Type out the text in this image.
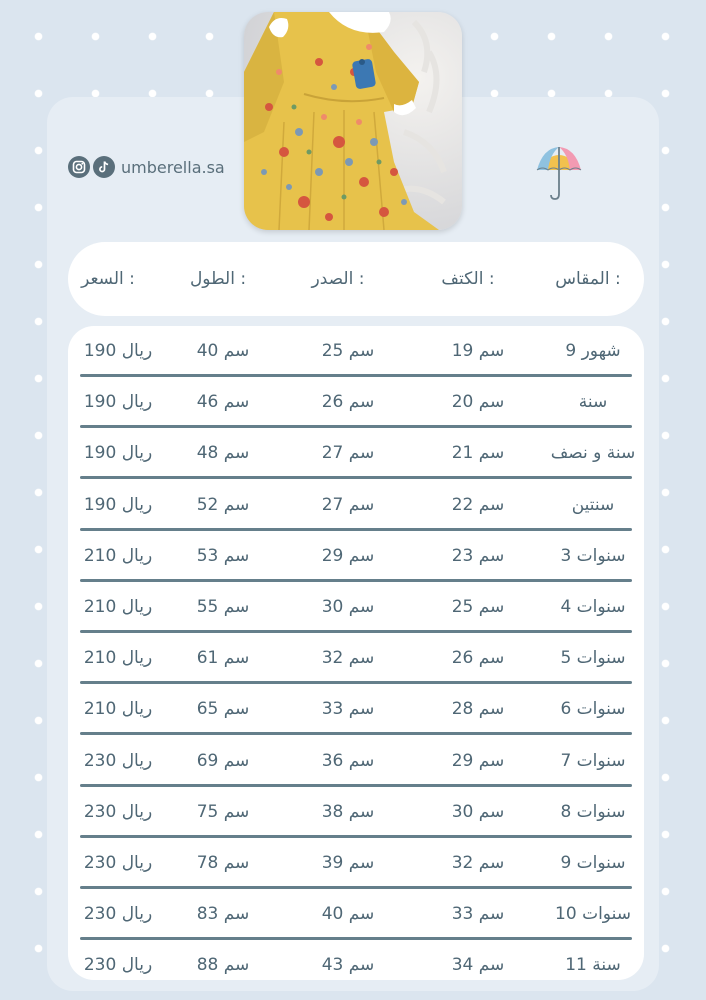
umberella.sa
المقاس :
الكتف :
الصدر :
الطول :
السعر :
9 شهور
19 سم
25 سم
40 سم
190 ريال
سنة
20 سم
26 سم
46 سم
190 ريال
سنة و نصف
21 سم
27 سم
48 سم
190 ريال
سنتين
22 سم
27 سم
52 سم
190 ريال
3 سنوات
23 سم
29 سم
53 سم
210 ريال
4 سنوات
25 سم
30 سم
55 سم
210 ريال
5 سنوات
26 سم
32 سم
61 سم
210 ريال
6 سنوات
28 سم
33 سم
65 سم
210 ريال
7 سنوات
29 سم
36 سم
69 سم
230 ريال
8 سنوات
30 سم
38 سم
75 سم
230 ريال
9 سنوات
32 سم
39 سم
78 سم
230 ريال
10 سنوات
33 سم
40 سم
83 سم
230 ريال
11 سنة
34 سم
43 سم
88 سم
230 ريال
